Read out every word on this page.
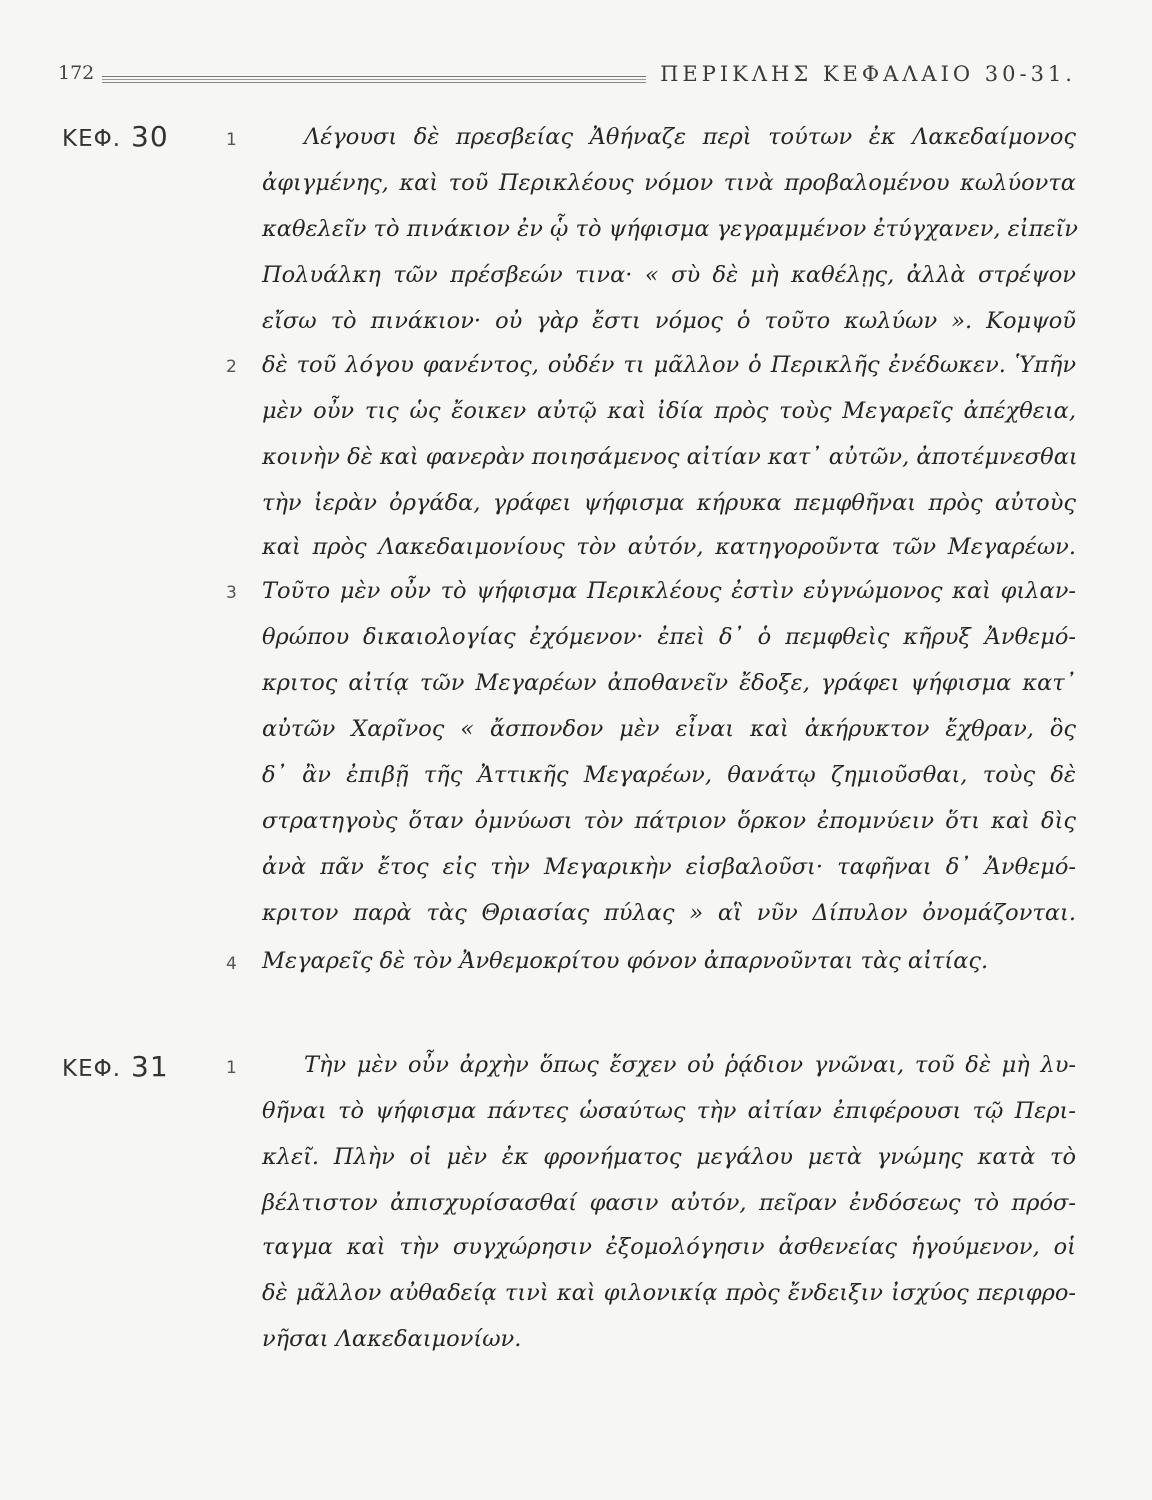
172	ΠΕΡΙΚΛΗΣ ΚΕΦΑΛΑΙΟ 30-31.
ΚΕΦ. 30	1
2
3
4
Λέγουσι δὲ πρεσβείας Ἀθήναζε περὶ τούτων ἐκ Λακεδαίμονος
ἀφιγμένης, καὶ τοῦ Περικλέους νόμον τινὰ προβαλομένου κωλύοντα
καθελεῖν τὸ πινάκιον ἐν ᾧ τὸ ψήφισμα γεγραμμένον ἐτύγχανεν, εἰπεῖν
Πολυάλκη τῶν πρέσβεών τινα· « σὺ δὲ μὴ καθέλῃς, ἀλλὰ στρέψον
εἴσω τὸ πινάκιον· οὐ γὰρ ἔστι νόμος ὁ τοῦτο κωλύων ». Κομψοῦ
δὲ τοῦ λόγου φανέντος, οὐδέν τι μᾶλλον ὁ Περικλῆς ἐνέδωκεν. Ὑπῆν
μὲν οὖν τις ὡς ἔοικεν αὐτῷ καὶ ἰδία πρὸς τοὺς Μεγαρεῖς ἀπέχθεια,
κοινὴν δὲ καὶ φανερὰν ποιησάμενος αἰτίαν κατ᾽ αὐτῶν, ἀποτέμνεσθαι
τὴν ἱερὰν ὀργάδα, γράφει ψήφισμα κήρυκα πεμφθῆναι πρὸς αὐτοὺς
καὶ πρὸς Λακεδαιμονίους τὸν αὐτόν, κατηγοροῦντα τῶν Μεγαρέων.
Τοῦτο μὲν οὖν τὸ ψήφισμα Περικλέους ἐστὶν εὐγνώμονος καὶ φιλαν-
θρώπου δικαιολογίας ἐχόμενον· ἐπεὶ δ᾽ ὁ πεμφθεὶς κῆρυξ Ἀνθεμό-
κριτος αἰτίᾳ τῶν Μεγαρέων ἀποθανεῖν ἔδοξε, γράφει ψήφισμα κατ᾽
αὐτῶν Χαρῖνος « ἄσπονδον μὲν εἶναι καὶ ἀκήρυκτον ἔχθραν, ὃς
δ᾽ ἂν ἐπιβῇ τῆς Ἀττικῆς Μεγαρέων, θανάτῳ ζημιοῦσθαι, τοὺς δὲ
στρατηγοὺς ὅταν ὀμνύωσι τὸν πάτριον ὅρκον ἐπομνύειν ὅτι καὶ δὶς
ἀνὰ πᾶν ἔτος εἰς τὴν Μεγαρικὴν εἰσβαλοῦσι· ταφῆναι δ᾽ Ἀνθεμό-
κριτον παρὰ τὰς Θριασίας πύλας » αἳ νῦν Δίπυλον ὀνομάζονται.
Μεγαρεῖς δὲ τὸν Ἀνθεμοκρίτου φόνον ἀπαρνοῦνται τὰς αἰτίας.
ΚΕΦ. 31	1	Τὴν μὲν οὖν ἀρχὴν ὅπως ἔσχεν οὐ ῥᾴδιον γνῶναι, τοῦ δὲ μὴ λυ-
θῆναι τὸ ψήφισμα πάντες ὡσαύτως τὴν αἰτίαν ἐπιφέρουσι τῷ Περι-
κλεῖ. Πλὴν οἱ μὲν ἐκ φρονήματος μεγάλου μετὰ γνώμης κατὰ τὸ
βέλτιστον ἀπισχυρίσασθαί φασιν αὐτόν, πεῖραν ἐνδόσεως τὸ πρόσ-
ταγμα καὶ τὴν συγχώρησιν ἐξομολόγησιν ἀσθενείας ἡγούμενον, οἱ
δὲ μᾶλλον αὐθαδείᾳ τινὶ καὶ φιλονικίᾳ πρὸς ἔνδειξιν ἰσχύος περιφρο-
νῆσαι Λακεδαιμονίων.
